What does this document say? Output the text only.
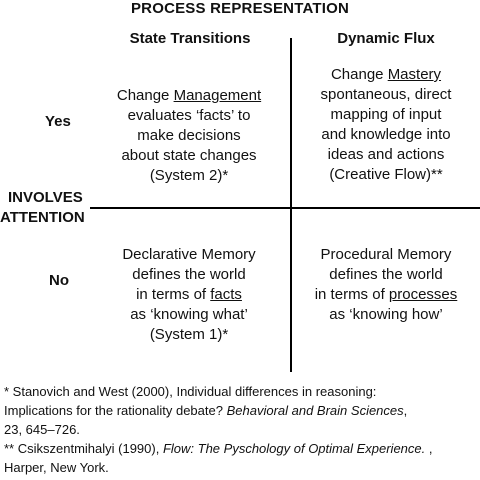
PROCESS REPRESENTATION
State Transitions	Dynamic Flux
Yes
No
INVOLVES
ATTENTION
Change Management
evaluates ‘facts’ to
make decisions
about state changes
(System 2)*
Change Mastery
spontaneous, direct
mapping of input
and knowledge into
ideas and actions
(Creative Flow)**
Declarative Memory
defines the world
in terms of facts
as ‘knowing what’
(System 1)*
Procedural Memory
defines the world
in terms of processes
as ‘knowing how’
* Stanovich and West (2000), Individual differences in reasoning:
Implications for the rationality debate? Behavioral and Brain Sciences,
23, 645–726.
** Csikszentmihalyi (1990), Flow: The Pyschology of Optimal Experience. ,
Harper, New York.
